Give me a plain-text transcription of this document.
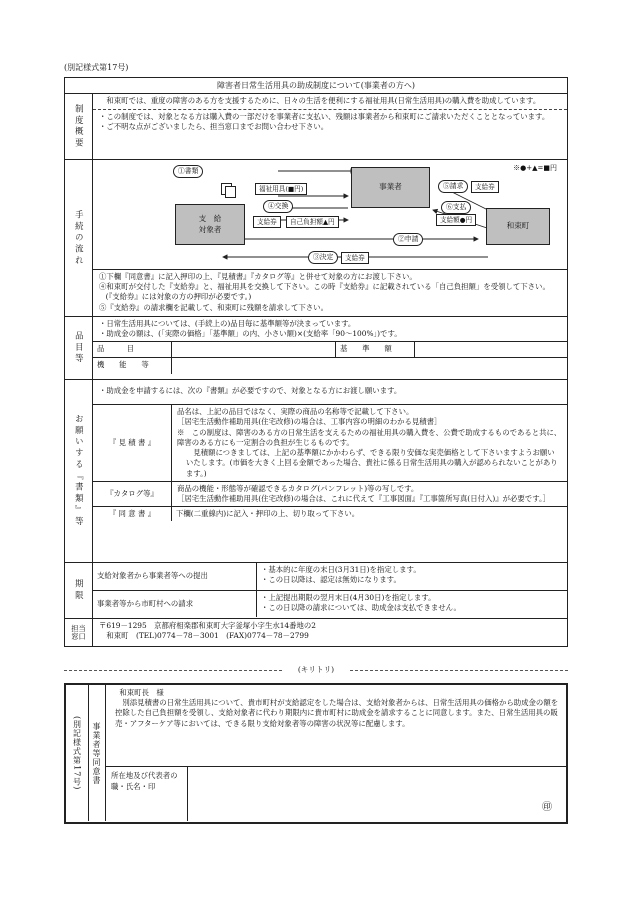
(別記様式第17号)
障害者日常生活用具の助成制度について(事業者の方へ)

制度概要

和束町では、重度の障害のある方を支援するために、日々の生活を便利にする福祉用具(日常生活用具)の購入費を助成しています。
・この制度では、対象となる方は購入費の一部だけを事業者に支払い、残額は事業者から和束町にご請求いただくこととなっています。
・ご不明な点がございましたら、担当窓口までお問い合わせ下さい。

手続の流れ

※●+▲=■円
①書類
福祉用具(■円)
④交換
事業者
支　給
対象者	和束町
支給券	自己負担額▲円
⑤請求	支給券
⑥支払
支給額●円
②申請
③決定	支給券
①下欄『同意書』に記入押印の上、『見積書』『カタログ等』と併せて対象の方にお渡し下さい。
④和束町が交付した『支給券』と、福祉用具を交換して下さい。この時『支給券』に記載されている「自己負担額」を受領して下さい。(『支給券』には対象の方の押印が必要です。)
⑤『支給券』の請求欄を記載して、和束町に残額を請求して下さい。

品目等

・日常生活用具については、(手続上の)品目毎に基準額等が決まっています。
・助成金の額は、(「実際の価格」「基準額」の内、小さい額)×(支給率「90～100%」)です。
品　　　目		基　　準　　額	
機　　能　　等	

お願いする『書類』等

・助成金を申請するには、次の『書類』が必要ですので、対象となる方にお渡し願います。
『 見 積 書 』	
品名は、上記の品目ではなく、実際の商品の名称等で記載して下さい。
［居宅生活動作補助用具(住宅改修)の場合は、工事内容の明細のわかる見積書］
※　この制度は、障害のある方の日常生活を支えるための福祉用具の購入費を、公費で助成するものであると共に、障害のある方にも一定割合の負担が生じるものです。
見積額につきましては、上記の基準額にかかわらず、できる限り安価な実売価格として下さいますようお願いいたします。(市価を大きく上回る金額であった場合、貴社に係る日常生活用具の購入が認められないことがあります。)

『カタログ等』	
商品の機能・形態等が確認できるカタログ(パンフレット)等の写しです。
［居宅生活動作補助用具(住宅改修)の場合は、これに代えて『工事図面』『工事箇所写真(日付入)』が必要です。］

『 同 意 書 』	下欄(二重線内)に記入・押印の上、切り取って下さい。

期限

支給対象者から事業者等への提出	
・基本的に年度の末日(3月31日)を指定します。
・この日以降は、認定は無効になります。

事業者等から市町村への請求	
・上記提出期限の翌月末日(4月30日)を指定します。
・この日以降の請求については、助成金は支払できません。

担当窓口

〒619－1295　京都府相楽郡和束町大字釜塚小字生水14番地の2
和束町　(TEL)0774－78－3001　(FAX)0774－78－2799
(キリトリ)
(別記様式第17号) 事業者等同意書
和束町長　様
別添見積書の日常生活用具について、貴市町村が支給認定をした場合は、支給対象者からは、日常生活用具の価格から助成金の額を控除した自己負担額を受領し、支給対象者に代わり期限内に貴市町村に助成金を請求することに同意します。また、日常生活用具の販売・アフターケア等においては、できる限り支給対象者等の障害の状況等に配慮します。
所在地及び代表者の職・氏名・印
㊞
